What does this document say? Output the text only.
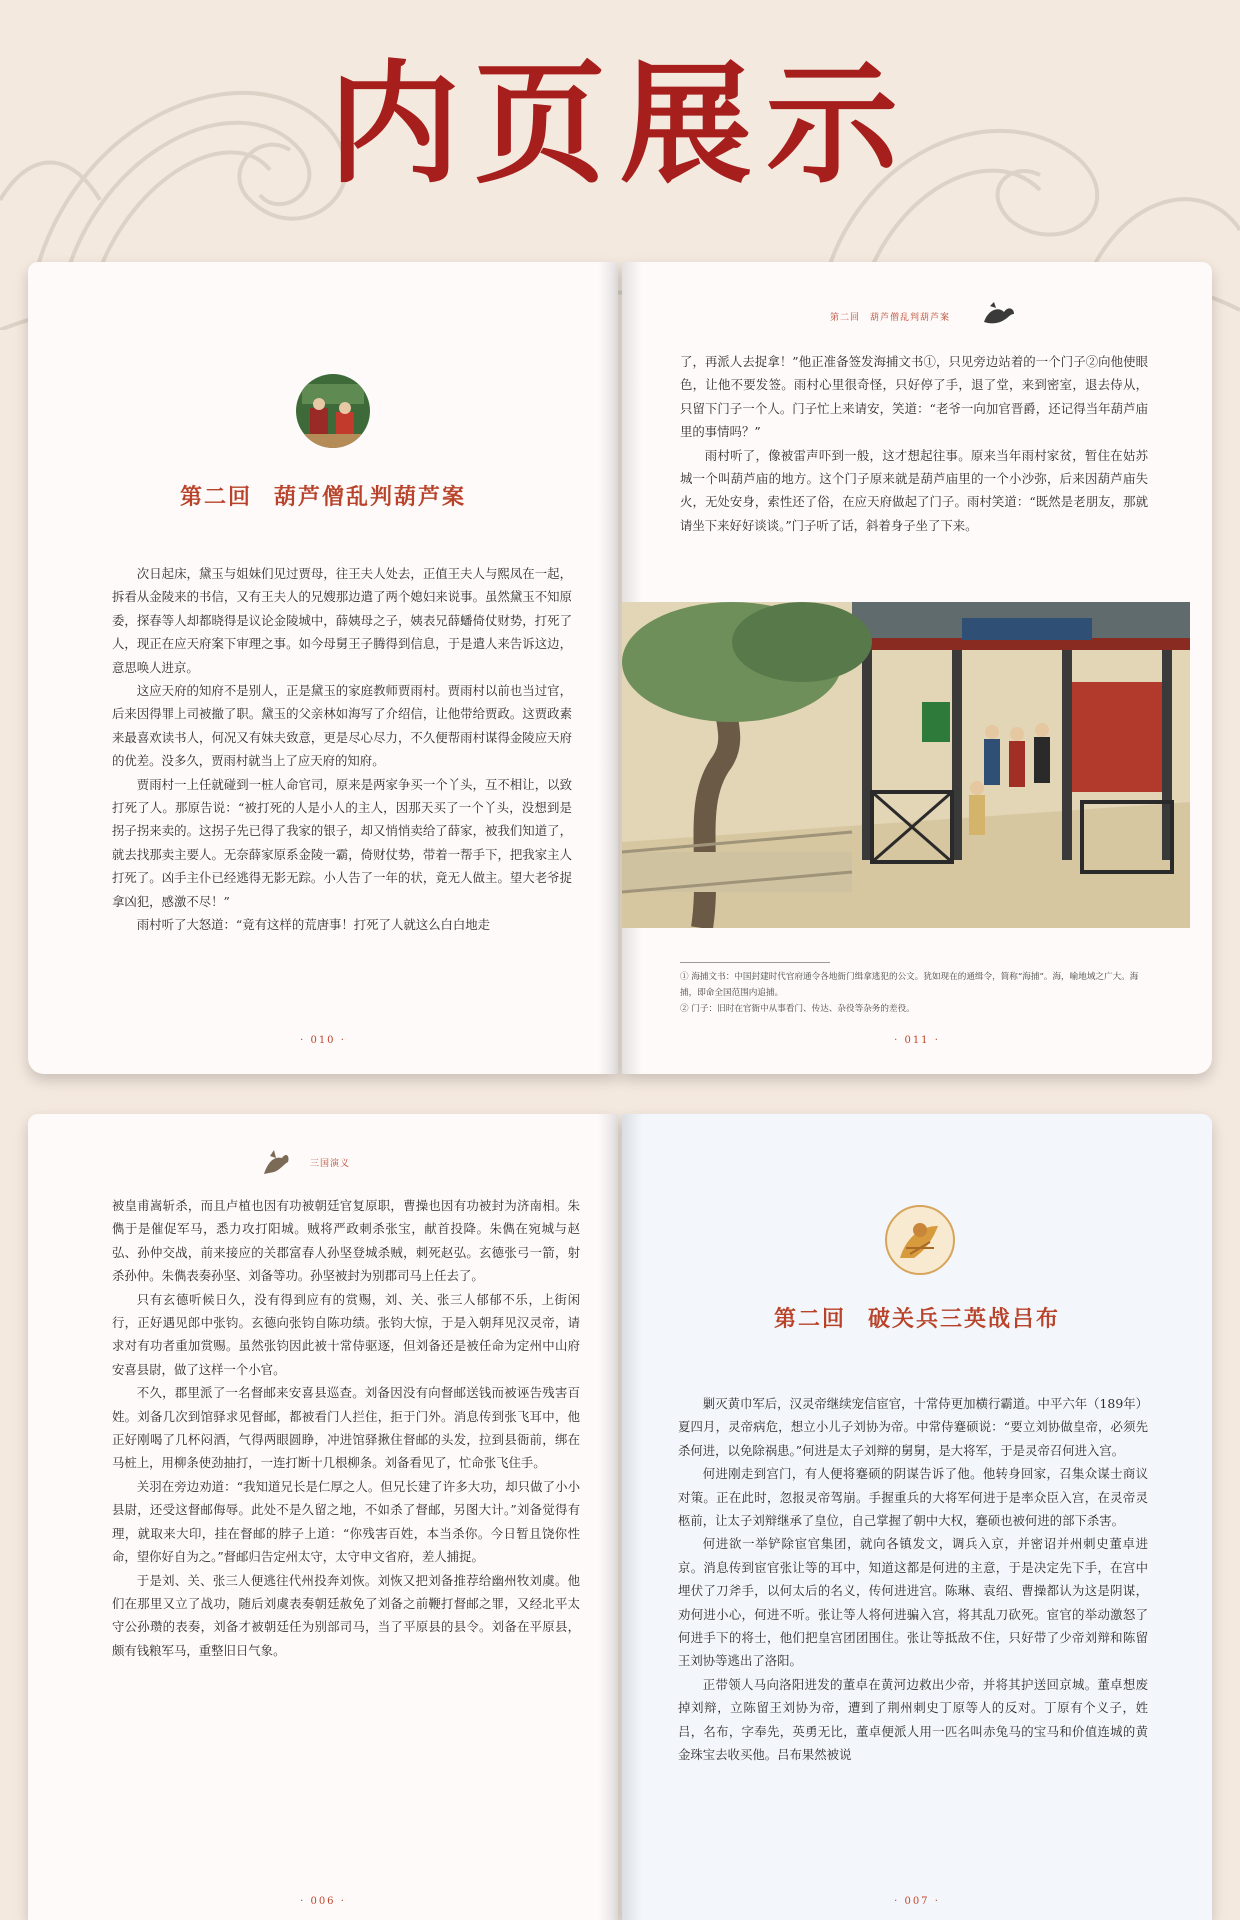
内页展示
第二回 葫芦僧乱判葫芦案

次日起床，黛玉与姐妹们见过贾母，往王夫人处去，正值王夫人与熙凤在一起，拆看从金陵来的书信，又有王夫人的兄嫂那边遣了两个媳妇来说事。虽然黛玉不知原委，探春等人却都晓得是议论金陵城中，薛姨母之子，姨表兄薛蟠倚仗财势，打死了人，现正在应天府案下审理之事。如今母舅王子腾得到信息，于是遣人来告诉这边，意思唤人进京。

这应天府的知府不是别人，正是黛玉的家庭教师贾雨村。贾雨村以前也当过官，后来因得罪上司被撤了职。黛玉的父亲林如海写了介绍信，让他带给贾政。这贾政素来最喜欢读书人，何况又有妹夫致意，更是尽心尽力，不久便帮雨村谋得金陵应天府的优差。没多久，贾雨村就当上了应天府的知府。

贾雨村一上任就碰到一桩人命官司，原来是两家争买一个丫头，互不相让，以致打死了人。那原告说：“被打死的人是小人的主人，因那天买了一个丫头，没想到是拐子拐来卖的。这拐子先已得了我家的银子，却又悄悄卖给了薛家，被我们知道了，就去找那卖主要人。无奈薛家原系金陵一霸，倚财仗势，带着一帮手下，把我家主人打死了。凶手主仆已经逃得无影无踪。小人告了一年的状，竟无人做主。望大老爷捉拿凶犯，感激不尽！”

雨村听了大怒道：“竟有这样的荒唐事！打死了人就这么白白地走

· 010 ·
第二回　葫芦僧乱判葫芦案

了，再派人去捉拿！”他正准备签发海捕文书①，只见旁边站着的一个门子②向他使眼色，让他不要发签。雨村心里很奇怪，只好停了手，退了堂，来到密室，退去侍从，只留下门子一个人。门子忙上来请安，笑道：“老爷一向加官晋爵，还记得当年葫芦庙里的事情吗？”

雨村听了，像被雷声吓到一般，这才想起往事。原来当年雨村家贫，暂住在姑苏城一个叫葫芦庙的地方。这个门子原来就是葫芦庙里的一个小沙弥，后来因葫芦庙失火，无处安身，索性还了俗，在应天府做起了门子。雨村笑道：“既然是老朋友，那就请坐下来好好谈谈。”门子听了话，斜着身子坐了下来。

① 海捕文书：中国封建时代官府通令各地衙门缉拿逃犯的公文。犹如现在的通缉令，简称“海捕”。海，喻地域之广大。海捕，即命全国范围内追捕。

② 门子：旧时在官衙中从事看门、传达、杂役等杂务的差役。

· 011 ·
三国演义

被皇甫嵩斩杀，而且卢植也因有功被朝廷官复原职，曹操也因有功被封为济南相。朱儁于是催促军马，悉力攻打阳城。贼将严政刺杀张宝，献首投降。朱儁在宛城与赵弘、孙仲交战，前来接应的关郡富春人孙坚登城杀贼，刺死赵弘。玄德张弓一箭，射杀孙仲。朱儁表奏孙坚、刘备等功。孙坚被封为别郡司马上任去了。

只有玄德听候日久，没有得到应有的赏赐，刘、关、张三人郁郁不乐，上街闲行，正好遇见郎中张钧。玄德向张钧自陈功绩。张钧大惊，于是入朝拜见汉灵帝，请求对有功者重加赏赐。虽然张钧因此被十常侍驱逐，但刘备还是被任命为定州中山府安喜县尉，做了这样一个小官。

不久，郡里派了一名督邮来安喜县巡查。刘备因没有向督邮送钱而被诬告残害百姓。刘备几次到馆驿求见督邮，都被看门人拦住，拒于门外。消息传到张飞耳中，他正好刚喝了几杯闷酒，气得两眼圆睁，冲进馆驿揪住督邮的头发，拉到县衙前，绑在马桩上，用柳条使劲抽打，一连打断十几根柳条。刘备看见了，忙命张飞住手。

关羽在旁边劝道：“我知道兄长是仁厚之人。但兄长建了许多大功，却只做了小小县尉，还受这督邮侮辱。此处不是久留之地，不如杀了督邮，另图大计。”刘备觉得有理，就取来大印，挂在督邮的脖子上道：“你残害百姓，本当杀你。今日暂且饶你性命，望你好自为之。”督邮归告定州太守，太守申文省府，差人捕捉。

于是刘、关、张三人便逃往代州投奔刘恢。刘恢又把刘备推荐给幽州牧刘虞。他们在那里又立了战功，随后刘虞表奏朝廷赦免了刘备之前鞭打督邮之罪，又经北平太守公孙瓒的表奏，刘备才被朝廷任为别部司马，当了平原县的县令。刘备在平原县，颇有钱粮军马，重整旧日气象。

· 006 ·
第二回 破关兵三英战吕布

剿灭黄巾军后，汉灵帝继续宠信宦官，十常侍更加横行霸道。中平六年（189年）夏四月，灵帝病危，想立小儿子刘协为帝。中常侍蹇硕说：“要立刘协做皇帝，必须先杀何进，以免除祸患。”何进是太子刘辩的舅舅，是大将军，于是灵帝召何进入宫。

何进刚走到宫门，有人便将蹇硕的阴谋告诉了他。他转身回家，召集众谋士商议对策。正在此时，忽报灵帝驾崩。手握重兵的大将军何进于是率众臣入宫，在灵帝灵柩前，让太子刘辩继承了皇位，自己掌握了朝中大权，蹇硕也被何进的部下杀害。

何进欲一举铲除宦官集团，就向各镇发文，调兵入京，并密诏并州刺史董卓进京。消息传到宦官张让等的耳中，知道这都是何进的主意，于是决定先下手，在宫中埋伏了刀斧手，以何太后的名义，传何进进宫。陈琳、袁绍、曹操都认为这是阴谋，劝何进小心，何进不听。张让等人将何进骗入宫，将其乱刀砍死。宦官的举动激怒了何进手下的将士，他们把皇宫团团围住。张让等抵敌不住，只好带了少帝刘辩和陈留王刘协等逃出了洛阳。

正带领人马向洛阳进发的董卓在黄河边救出少帝，并将其护送回京城。董卓想废掉刘辩，立陈留王刘协为帝，遭到了荆州刺史丁原等人的反对。丁原有个义子，姓吕，名布，字奉先，英勇无比，董卓便派人用一匹名叫赤兔马的宝马和价值连城的黄金珠宝去收买他。吕布果然被说

· 007 ·
